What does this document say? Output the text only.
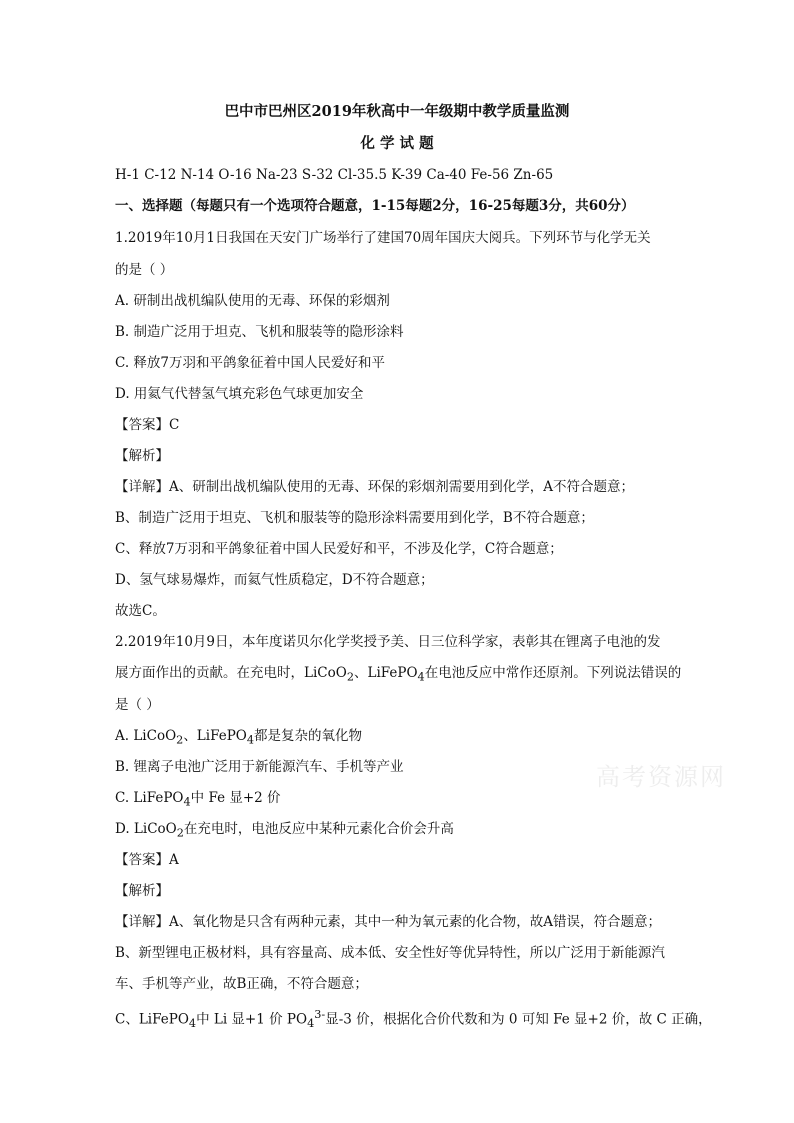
高考资源网
巴中市巴州区2019年秋高中一年级期中教学质量监测
化 学 试 题
H-1 C-12 N-14 O-16 Na-23 S-32 Cl-35.5 K-39 Ca-40 Fe-56 Zn-65
一、选择题（每题只有一个选项符合题意，1-15每题2分，16-25每题3分，共60分）
1.2019年10月1日我国在天安门广场举行了建国70周年国庆大阅兵。下列环节与化学无关
的是（ ）
A. 研制出战机编队使用的无毒、环保的彩烟剂
B. 制造广泛用于坦克、飞机和服装等的隐形涂料
C. 释放7万羽和平鸽象征着中国人民爱好和平
D. 用氦气代替氢气填充彩色气球更加安全
【答案】C
【解析】
【详解】A、研制出战机编队使用的无毒、环保的彩烟剂需要用到化学，A不符合题意；
B、制造广泛用于坦克、飞机和服装等的隐形涂料需要用到化学，B不符合题意；
C、释放7万羽和平鸽象征着中国人民爱好和平，不涉及化学，C符合题意；
D、氢气球易爆炸，而氦气性质稳定，D不符合题意；
故选C。
2.2019年10月9日，本年度诺贝尔化学奖授予美、日三位科学家，表彰其在锂离子电池的发
展方面作出的贡献。在充电时，LiCoO$_2$、LiFePO$_4$在电池反应中常作还原剂。下列说法错误的
是（ ）
A. LiCoO$_2$、LiFePO$_4$都是复杂的氧化物
B. 锂离子电池广泛用于新能源汽车、手机等产业
C. LiFePO$_4$中 Fe 显+2 价
D. LiCoO$_2$在充电时，电池反应中某种元素化合价会升高
【答案】A
【解析】
【详解】A、氧化物是只含有两种元素，其中一种为氧元素的化合物，故A错误，符合题意；
B、新型锂电正极材料，具有容量高、成本低、安全性好等优异特性，所以广泛用于新能源汽
车、手机等产业，故B正确，不符合题意；
C、LiFePO$_4$中 Li 显+1 价 $PO_4^{3-}$显-3 价，根据化合价代数和为 0 可知 Fe 显+2 价，故 C 正确，
